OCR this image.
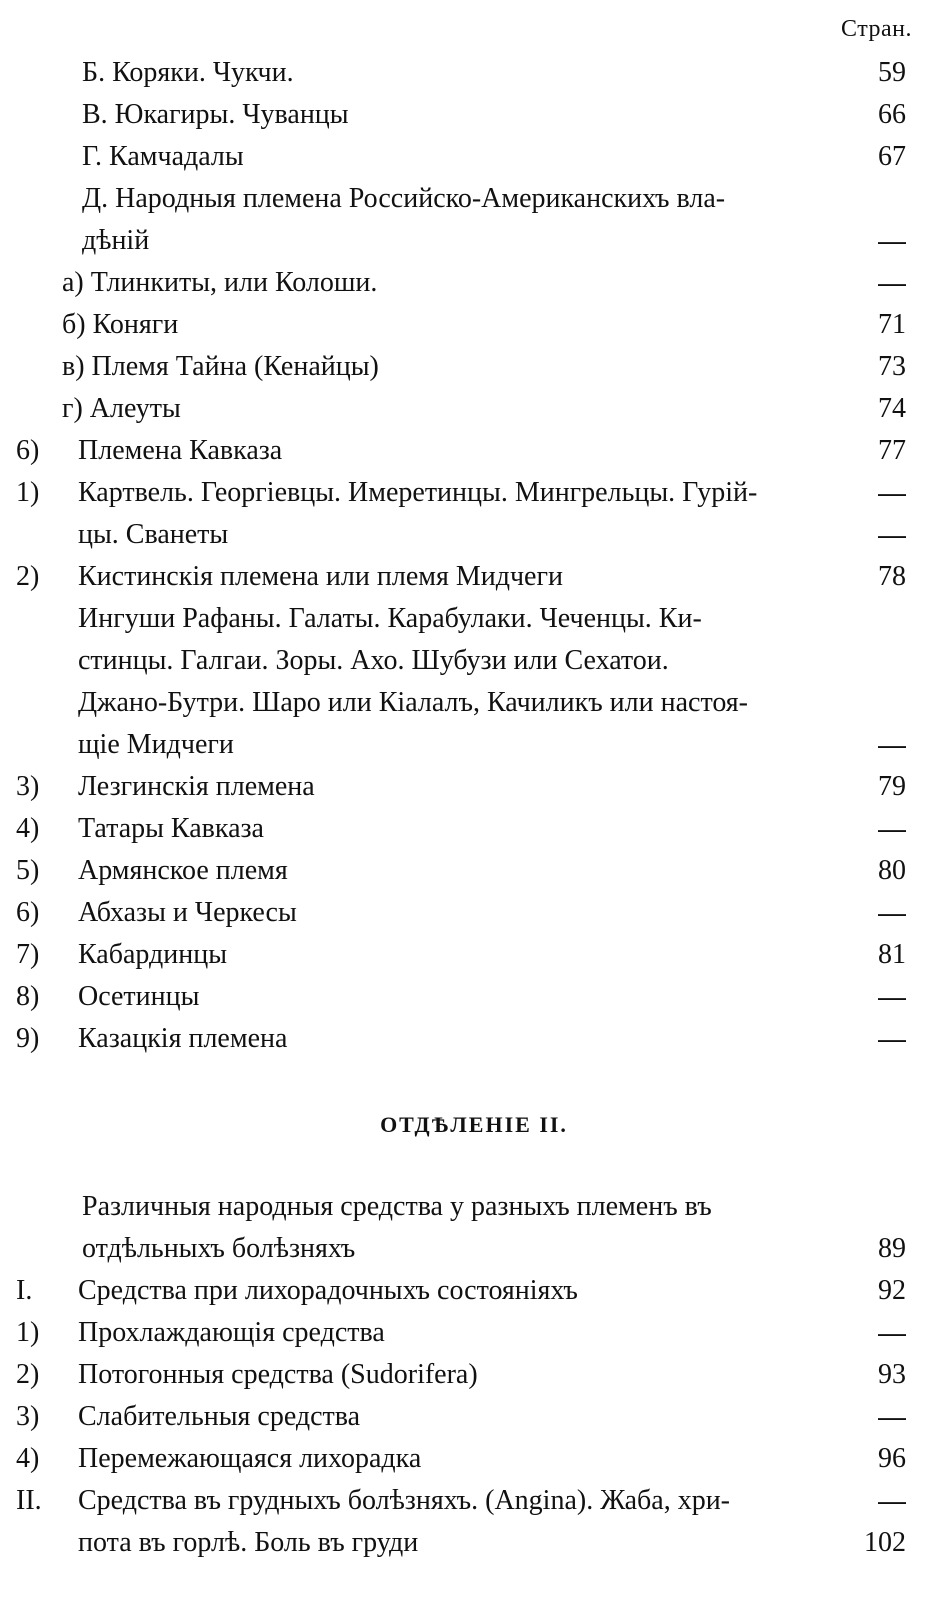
Стран.
Б. Коряки. Чукчи.	59
В. Юкагиры. Чуванцы	66
Г. Камчадалы	67
Д. Народныя племена Российско-Американскихъ вла-
дѣній	—
а) Тлинкиты, или Колоши.	—
б) Коняги	71
в) Племя Тайна (Кенайцы)	73
г) Алеуты	74
6)	Племена Кавказа	77
1)	Картвель. Георгіевцы. Имеретинцы. Мингрельцы. Гурій-	—
цы. Сванеты	—
2)	Кистинскія племена или племя Мидчеги	78
Ингуши Рафаны. Галаты. Карабулаки. Чеченцы. Ки-
стинцы. Галгаи. Зоры. Ахо. Шубузи или Сехатои.
Джано-Бутри. Шаро или Кіалалъ, Качиликъ или настоя-
щіе Мидчеги	—
3)	Лезгинскія племена	79
4)	Татары Кавказа	—
5)	Армянское племя	80
6)	Абхазы и Черкесы	—
7)	Кабардинцы	81
8)	Осетинцы	—
9)	Казацкія племена	—
Различныя народныя средства у разныхъ племенъ въ
отдѣльныхъ болѣзняхъ	89
I.	Средства при лихорадочныхъ состояніяхъ	92
1)	Прохлаждающія средства	—
2)	Потогонныя средства (Sudorifera)	93
3)	Слабительныя средства	—
4)	Перемежающаяся лихорадка	96
II.	Средства въ грудныхъ болѣзняхъ. (Angina). Жаба, хри-	—
пота въ горлѣ. Боль въ груди	102
ОТДѢЛЕНІЕ II.
